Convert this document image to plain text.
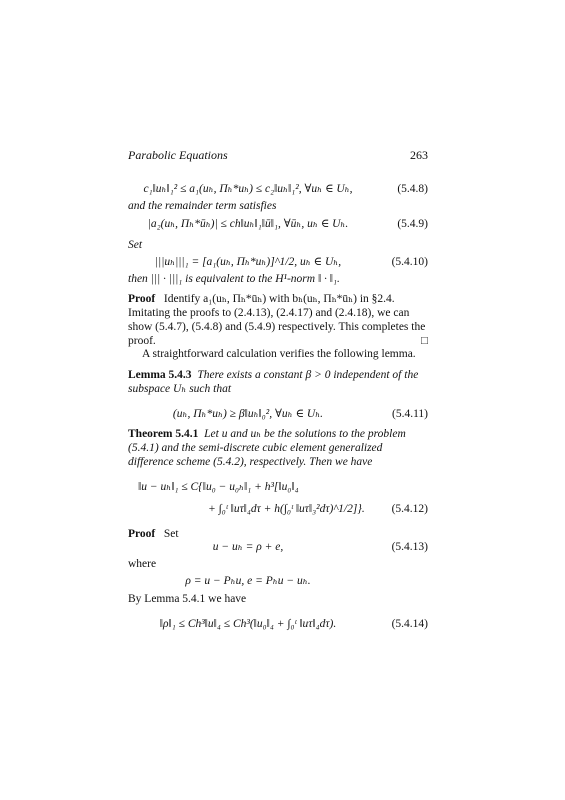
Parabolic Equations	263
c₁‖uₕ‖₁² ≤ a₁(uₕ, Πₕ*uₕ) ≤ c₂‖uₕ‖₁², ∀uₕ ∈ Uₕ,	(5.4.8)
and the remainder term satisfies
|a₂(uₕ, Πₕ*ūₕ)| ≤ ch‖uₕ‖₁‖ū‖₁, ∀ūₕ, uₕ ∈ Uₕ.	(5.4.9)
Set
|||uₕ|||₁ = [a₁(uₕ, Πₕ*uₕ)]^1/2, uₕ ∈ Uₕ,	(5.4.10)
then ||| · |||₁ is equivalent to the H¹-norm ‖ · ‖₁.
Proof Identify a₁(uₕ, Πₕ*ūₕ) with bₕ(uₕ, Πₕ*ūₕ) in §2.4. Imitating the proofs to (2.4.13), (2.4.17) and (2.4.18), we can show (5.4.7), (5.4.8) and (5.4.9) respectively. This completes the proof.	□
A straightforward calculation verifies the following lemma.
Lemma 5.4.3 There exists a constant β > 0 independent of the subspace Uₕ such that
(uₕ, Πₕ*uₕ) ≥ β‖uₕ‖₀², ∀uₕ ∈ Uₕ.	(5.4.11)
Theorem 5.4.1 Let u and uₕ be the solutions to the problem (5.4.1) and the semi-discrete cubic element generalized difference scheme (5.4.2), respectively. Then we have
‖u − uₕ‖₁ ≤ C{‖u₀ − u₀ₕ‖₁ + h³[‖u₀‖₄
+ ∫₀ᵗ ‖uτ‖₄dτ + h(∫₀ᵗ ‖uτ‖₃²dτ)^1/2]}.	(5.4.12)
Proof Set
u − uₕ = ρ + e,	(5.4.13)
where
ρ = u − Pₕu, e = Pₕu − uₕ.
By Lemma 5.4.1 we have
‖ρ‖₁ ≤ Ch³‖u‖₄ ≤ Ch³(‖u₀‖₄ + ∫₀ᵗ ‖uτ‖₄dτ).	(5.4.14)
